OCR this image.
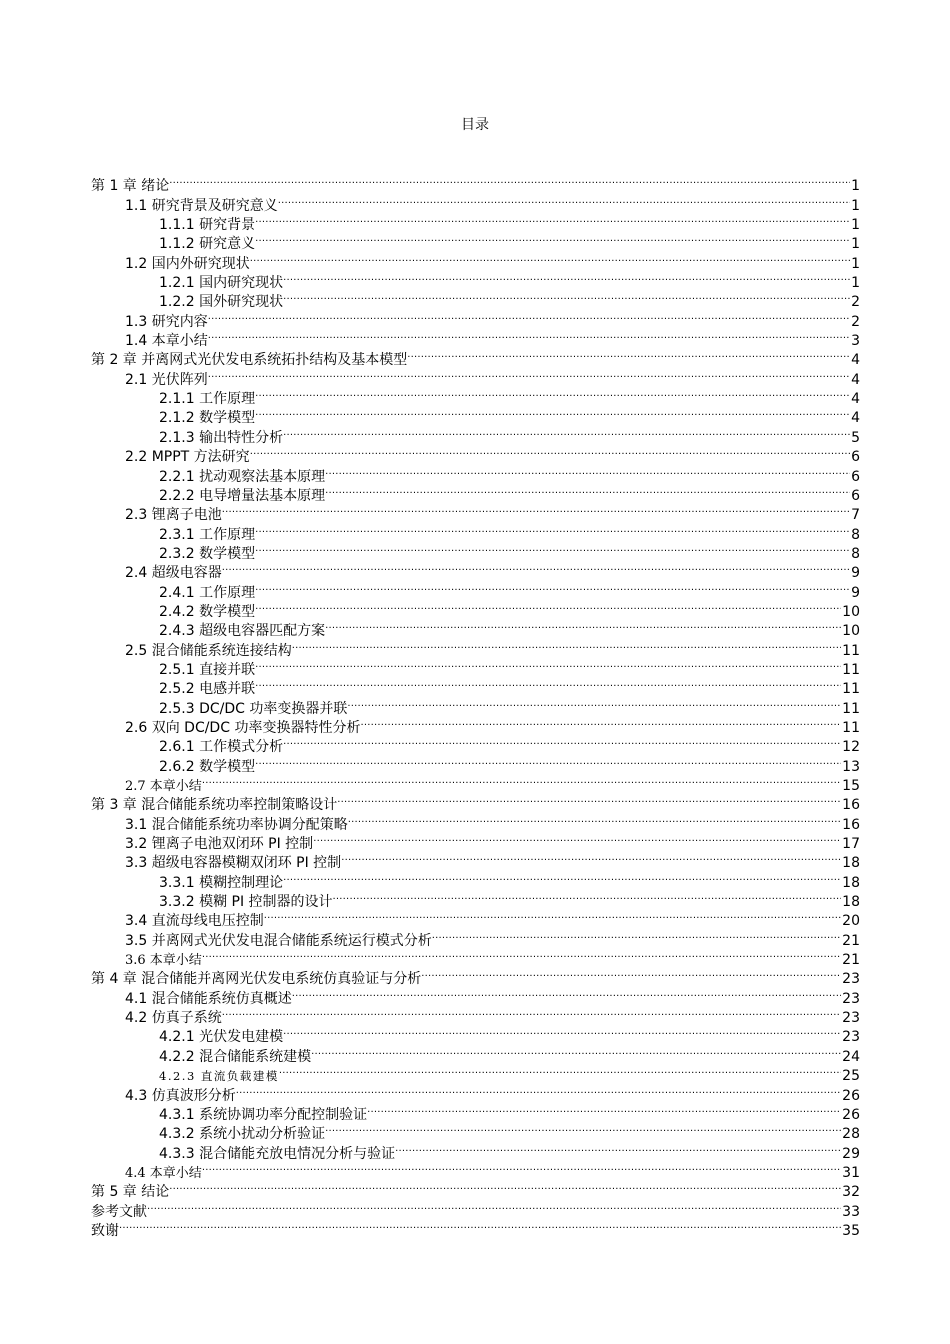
目录
第 1 章 绪论 .....	1
1.1 研究背景及研究意义 .....	1
1.1.1 研究背景 .....	1
1.1.2 研究意义 .....	1
1.2 国内外研究现状 .....	1
1.2.1 国内研究现状 .....	1
1.2.2 国外研究现状 .....	2
1.3 研究内容 .....	2
1.4 本章小结 .....	3
第 2 章 并离网式光伏发电系统拓扑结构及基本模型 .....	4
2.1 光伏阵列 .....	4
2.1.1 工作原理 .....	4
2.1.2 数学模型 .....	4
2.1.3 输出特性分析 .....	5
2.2 MPPT 方法研究 .....	6
2.2.1 扰动观察法基本原理 .....	6
2.2.2 电导增量法基本原理 .....	6
2.3 锂离子电池 .....	7
2.3.1 工作原理 .....	8
2.3.2 数学模型 .....	8
2.4 超级电容器 .....	9
2.4.1 工作原理 .....	9
2.4.2 数学模型 .....	10
2.4.3 超级电容器匹配方案 .....	10
2.5 混合储能系统连接结构 .....	11
2.5.1 直接并联 .....	11
2.5.2 电感并联 .....	11
2.5.3 DC/DC 功率变换器并联 .....	11
2.6 双向 DC/DC 功率变换器特性分析 .....	11
2.6.1 工作模式分析 .....	12
2.6.2 数学模型 .....	13
2.7 本章小结 .....	15
第 3 章 混合储能系统功率控制策略设计 .....	16
3.1 混合储能系统功率协调分配策略 .....	16
3.2 锂离子电池双闭环 PI 控制 .....	17
3.3 超级电容器模糊双闭环 PI 控制 .....	18
3.3.1 模糊控制理论 .....	18
3.3.2 模糊 PI 控制器的设计 .....	18
3.4 直流母线电压控制 .....	20
3.5 并离网式光伏发电混合储能系统运行模式分析 .....	21
3.6 本章小结 .....	21
第 4 章 混合储能并离网光伏发电系统仿真验证与分析 .....	23
4.1 混合储能系统仿真概述 .....	23
4.2 仿真子系统 .....	23
4.2.1 光伏发电建模 .....	23
4.2.2 混合储能系统建模 .....	24
4.2.3 直流负载建模 .....	25
4.3 仿真波形分析 .....	26
4.3.1 系统协调功率分配控制验证 .....	26
4.3.2 系统小扰动分析验证 .....	28
4.3.3 混合储能充放电情况分析与验证 .....	29
4.4 本章小结 .....	31
第 5 章 结论 .....	32
参考文献 .....	33
致谢 .....	35
